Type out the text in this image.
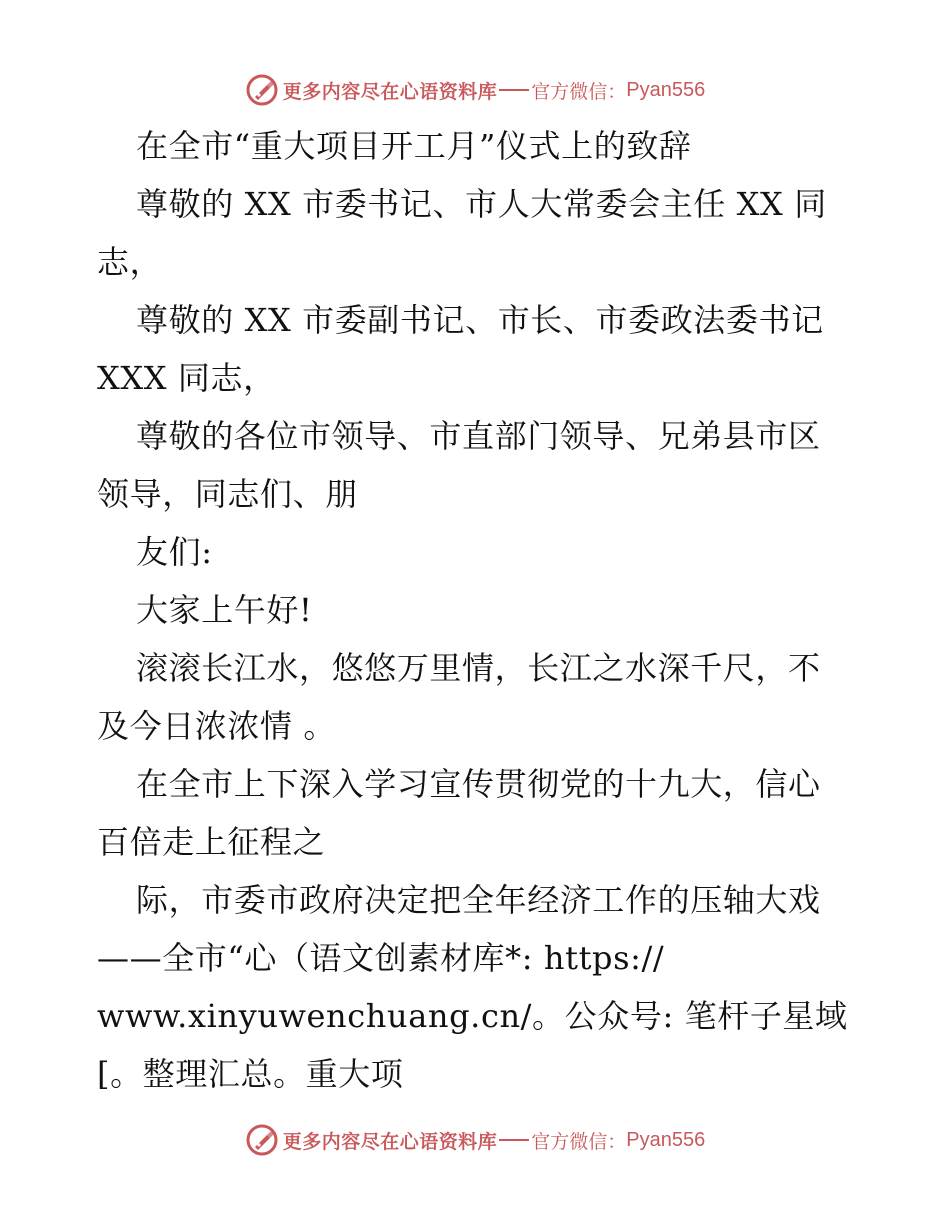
更多内容尽在心语资料库 官方微信： Pyan556
在全市“重大项目开工月”仪式上的致辞
尊敬的 XX 市委书记、市人大常委会主任 XX 同
志，
尊敬的 XX 市委副书记、市长、市委政法委书记
XXX 同志，
尊敬的各位市领导、市直部门领导、兄弟县市区
领导，同志们、朋
友们:
大家上午好!
滚滚长江水，悠悠万里情，长江之水深千尺，不
及今日浓浓情 。
在全市上下深入学习宣传贯彻党的十九大，信心
百倍走上征程之
际，市委市政府决定把全年经济工作的压轴大戏
——全市“心（语文创素材库*: https://
www.xinyuwenchuang.cn/。公众号: 笔杆子星域
[。整理汇总。重大项
更多内容尽在心语资料库 官方微信： Pyan556
